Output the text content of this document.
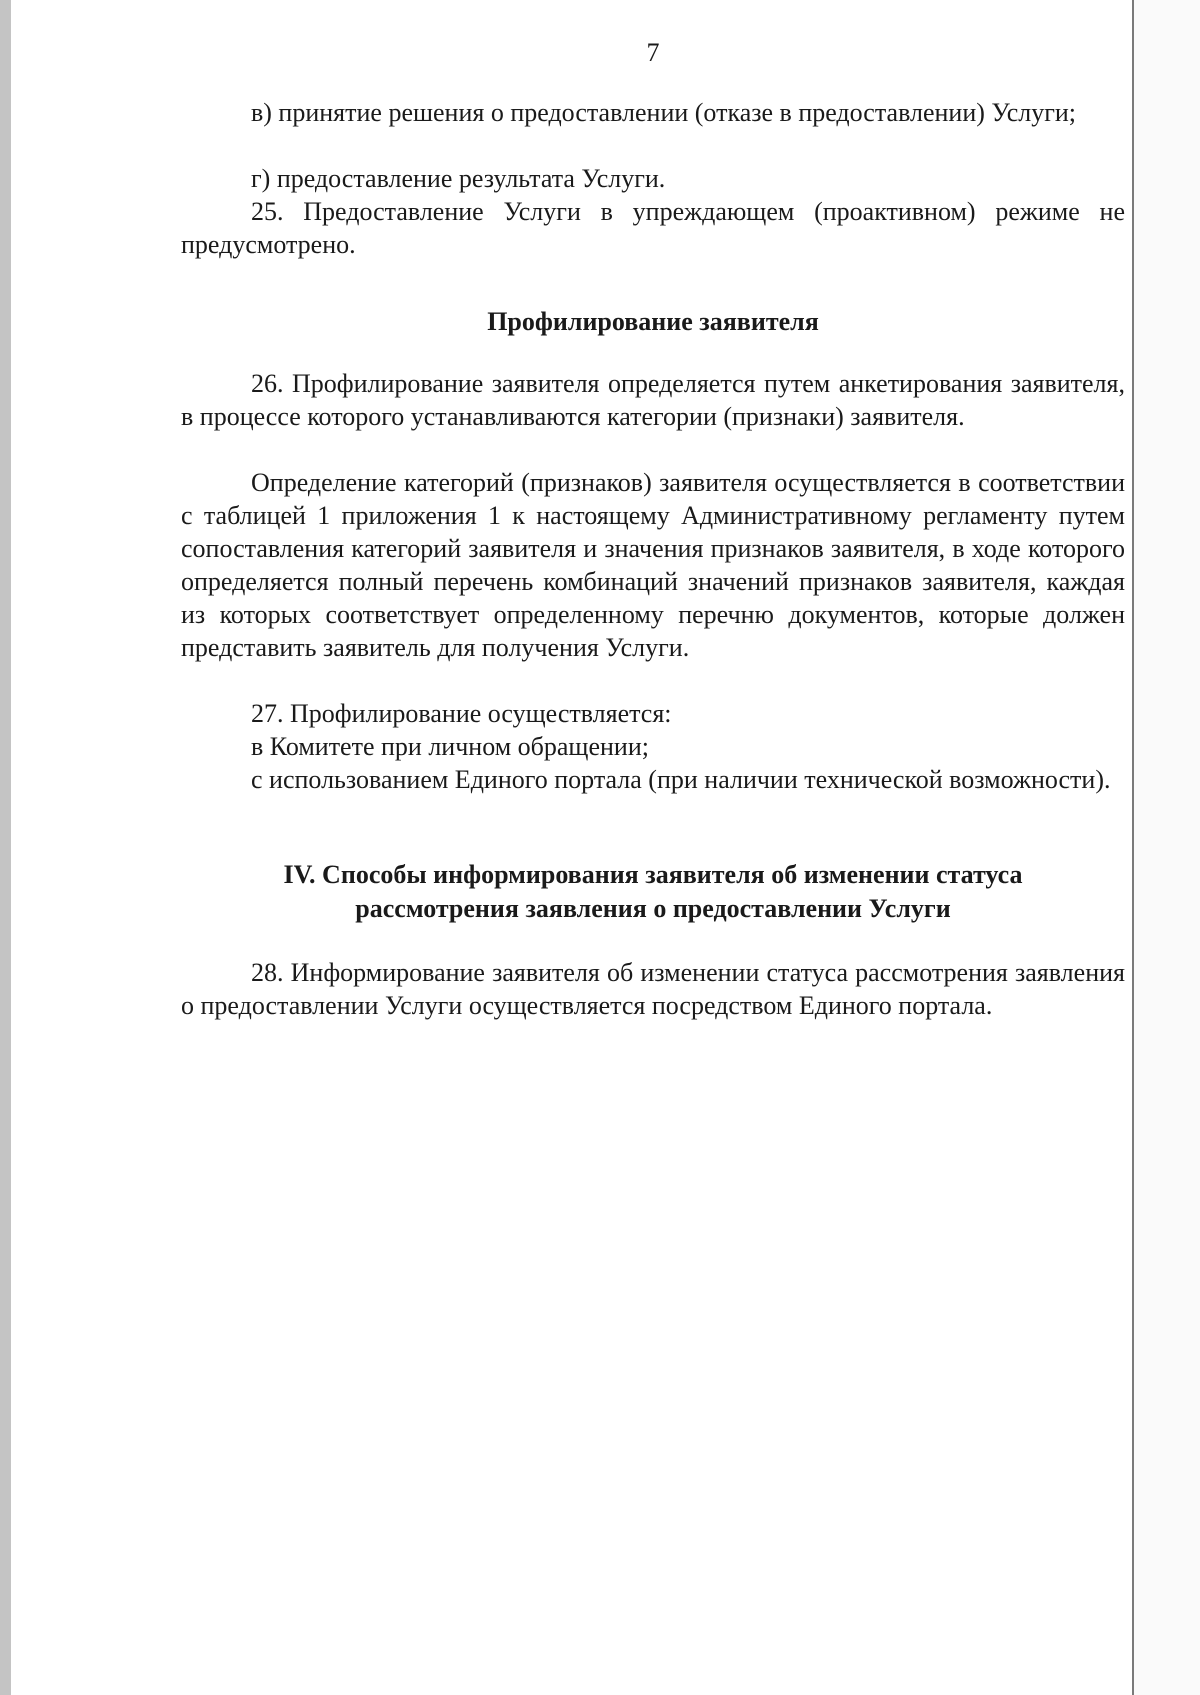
7

в) принятие решения о предоставлении (отказе в предоставлении) Услуги;

г) предоставление результата Услуги.

25. Предоставление Услуги в упреждающем (проактивном) режиме не предусмотрено.

Профилирование заявителя

26. Профилирование заявителя определяется путем анкетирования заявителя, в процессе которого устанавливаются категории (признаки) заявителя.

Определение категорий (признаков) заявителя осуществляется в соответствии с таблицей 1 приложения 1 к настоящему Административному регламенту путем сопоставления категорий заявителя и значения признаков заявителя, в ходе которого определяется полный перечень комбинаций значений признаков заявителя, каждая из которых соответствует определенному перечню документов, которые должен представить заявитель для получения Услуги.

27. Профилирование осуществляется:

в Комитете при личном обращении;

с использованием Единого портала (при наличии технической возможности).

IV. Способы информирования заявителя об изменении статуса
рассмотрения заявления о предоставлении Услуги

28. Информирование заявителя об изменении статуса рассмотрения заявления о предоставлении Услуги осуществляется посредством Единого портала.
